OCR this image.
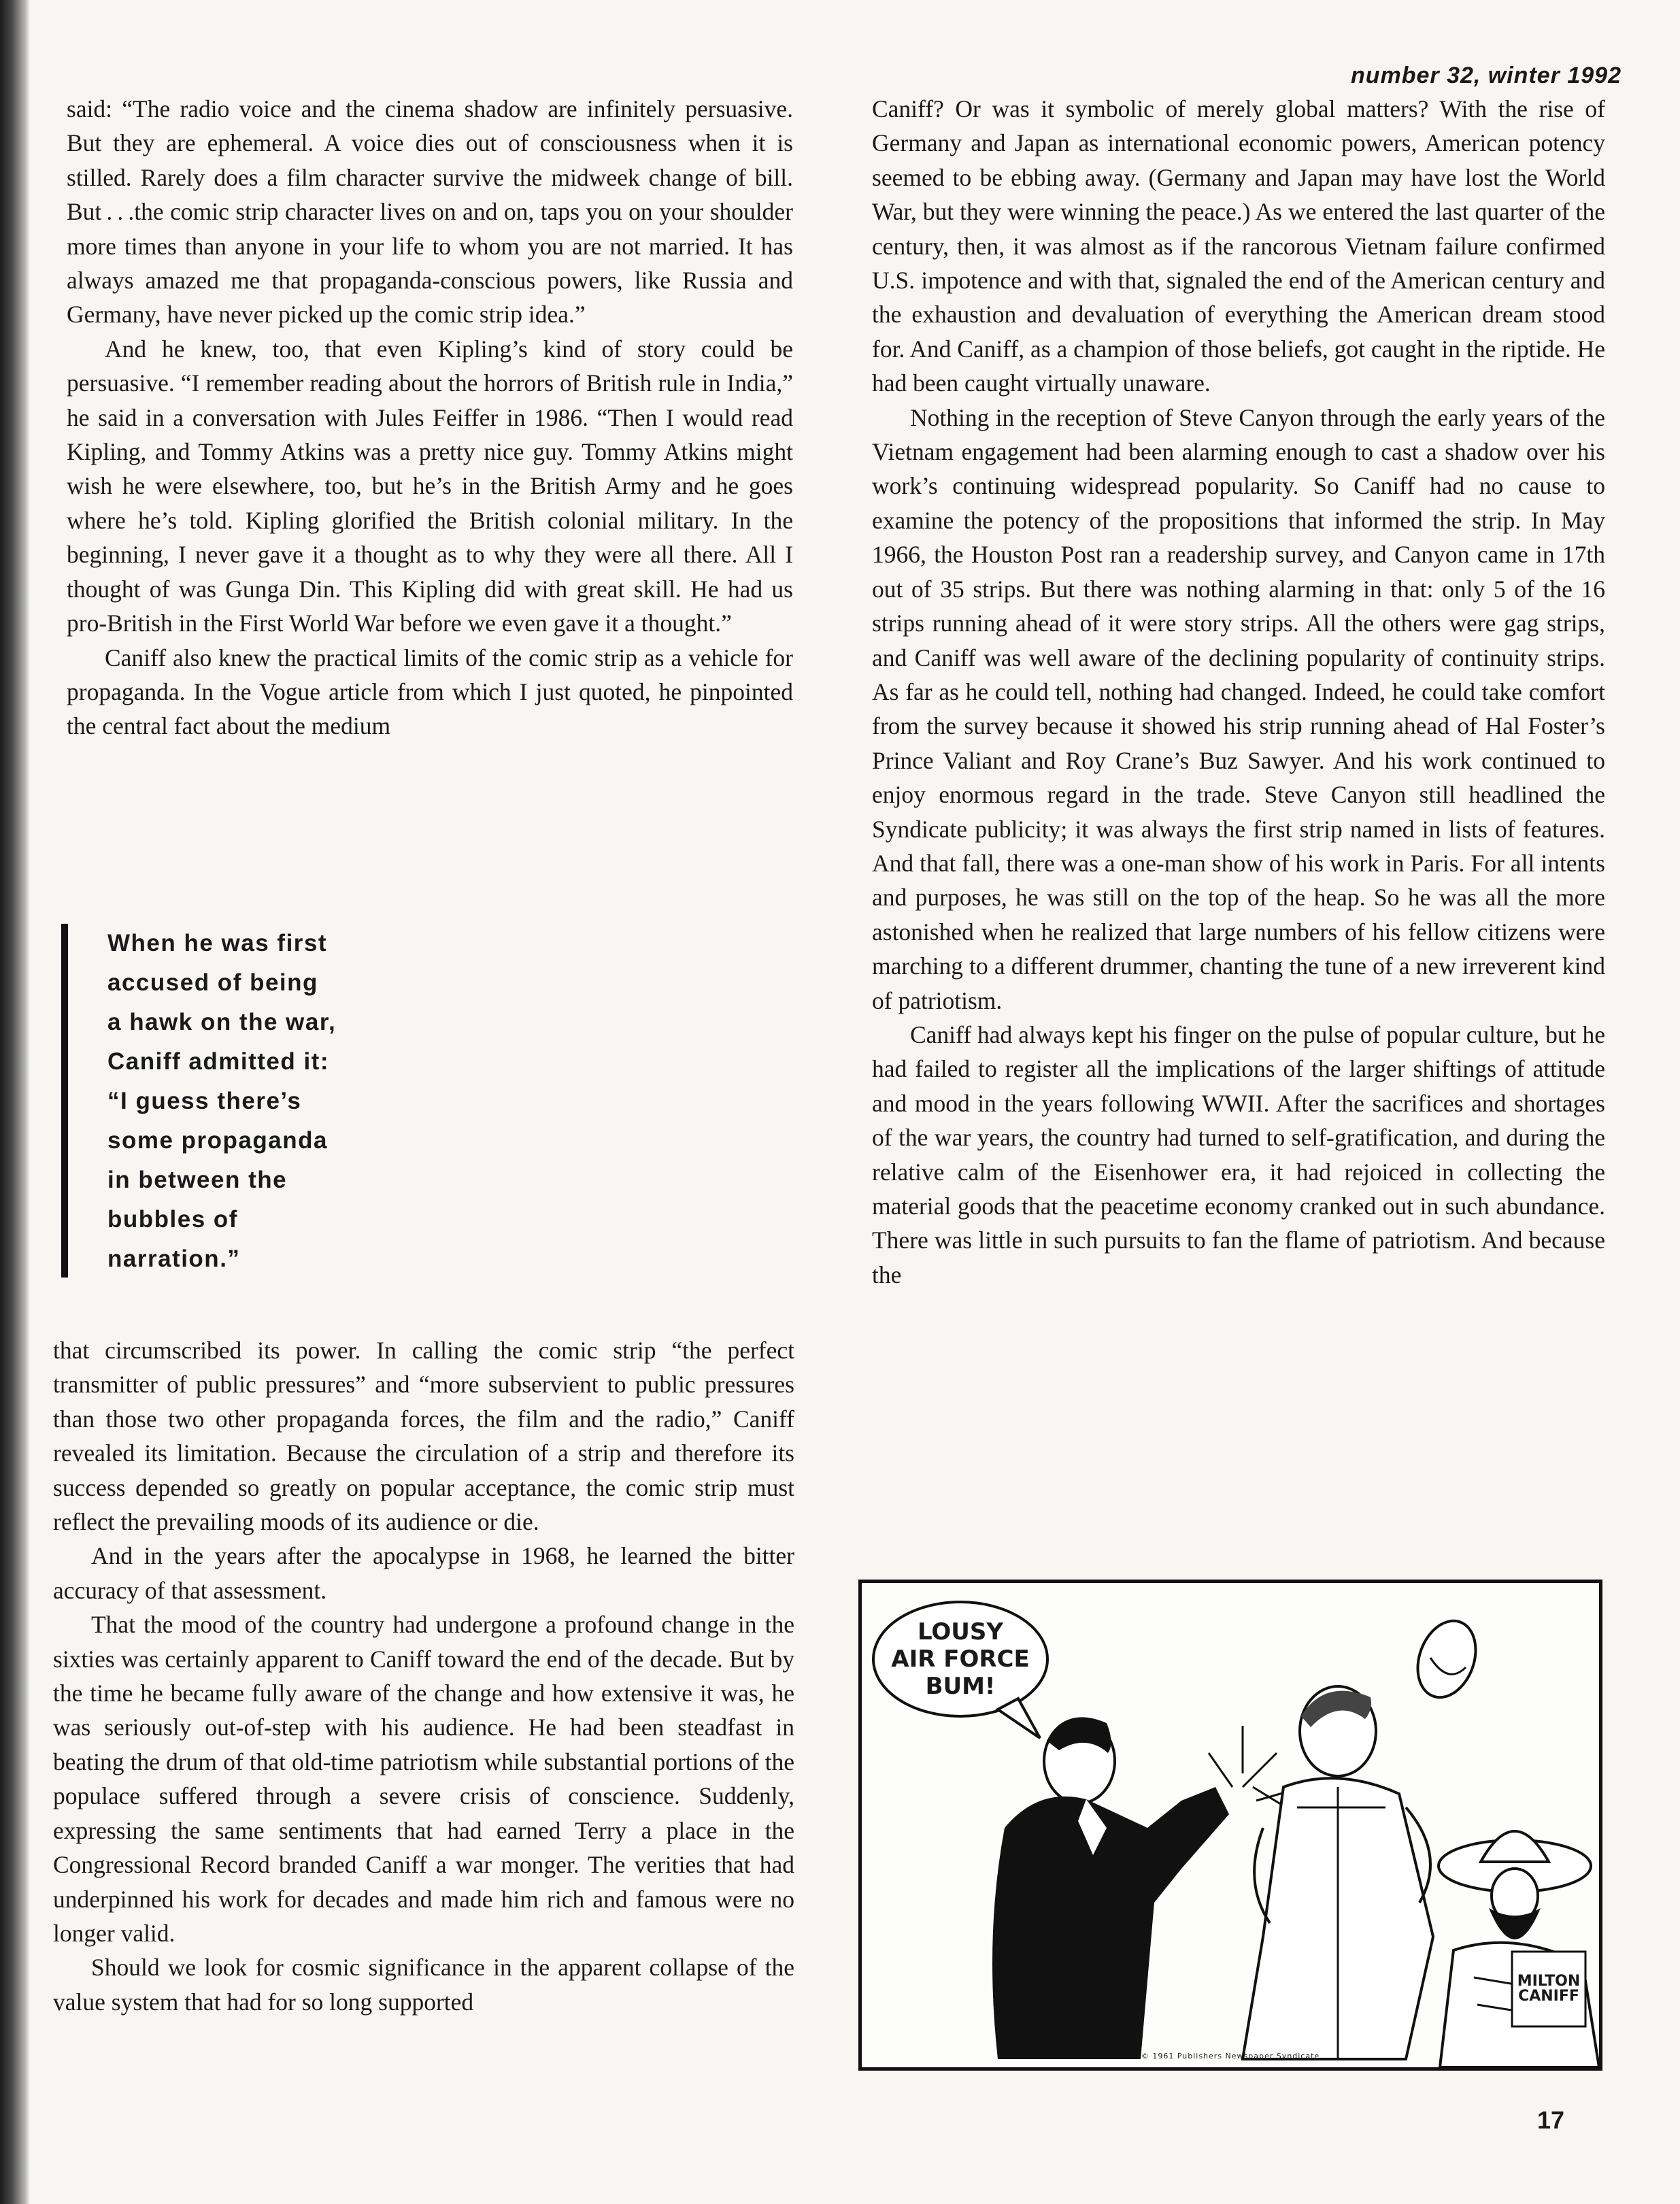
number 32, winter 1992

said: “The radio voice and the cinema shadow are infinitely persuasive. But they are ephemeral. A voice dies out of consciousness when it is stilled. Rarely does a film character survive the midweek change of bill. But . . .the comic strip character lives on and on, taps you on your shoulder more times than anyone in your life to whom you are not married. It has always amazed me that propaganda-conscious powers, like Russia and Germany, have never picked up the comic strip idea.”

And he knew, too, that even Kipling’s kind of story could be persuasive. “I remember reading about the horrors of British rule in India,” he said in a conversation with Jules Feiffer in 1986. “Then I would read Kipling, and Tommy Atkins was a pretty nice guy. Tommy Atkins might wish he were elsewhere, too, but he’s in the British Army and he goes where he’s told. Kipling glorified the British colonial military. In the beginning, I never gave it a thought as to why they were all there. All I thought of was Gunga Din. This Kipling did with great skill. He had us pro-British in the First World War before we even gave it a thought.”

Caniff also knew the practical limits of the comic strip as a vehicle for propaganda. In the Vogue article from which I just quoted, he pinpointed the central fact about the medium

When he was first
accused of being
a hawk on the war,
Caniff admitted it:
“I guess there’s
some propaganda
in between the
bubbles of
narration.”

that circumscribed its power. In calling the comic strip “the perfect transmitter of public pressures” and “more subservient to public pressures than those two other propaganda forces, the film and the radio,” Caniff revealed its limitation. Because the circulation of a strip and therefore its success depended so greatly on popular acceptance, the comic strip must reflect the prevailing moods of its audience or die.

And in the years after the apocalypse in 1968, he learned the bitter accuracy of that assessment.

That the mood of the country had undergone a profound change in the sixties was certainly apparent to Caniff toward the end of the decade. But by the time he became fully aware of the change and how extensive it was, he was seriously out-of-step with his audience. He had been steadfast in beating the drum of that old-time patriotism while substantial portions of the populace suffered through a severe crisis of conscience. Suddenly, expressing the same sentiments that had earned Terry a place in the Congressional Record branded Caniff a war monger. The verities that had underpinned his work for decades and made him rich and famous were no longer valid.

Should we look for cosmic significance in the apparent collapse of the value system that had for so long supported

Caniff? Or was it symbolic of merely global matters? With the rise of Germany and Japan as international economic powers, American potency seemed to be ebbing away. (Germany and Japan may have lost the World War, but they were winning the peace.) As we entered the last quarter of the century, then, it was almost as if the rancorous Vietnam failure confirmed U.S. impotence and with that, signaled the end of the American century and the exhaustion and devaluation of everything the American dream stood for. And Caniff, as a champion of those beliefs, got caught in the riptide. He had been caught virtually unaware.

Nothing in the reception of Steve Canyon through the early years of the Vietnam engagement had been alarming enough to cast a shadow over his work’s continuing widespread popularity. So Caniff had no cause to examine the potency of the propositions that informed the strip. In May 1966, the Houston Post ran a readership survey, and Canyon came in 17th out of 35 strips. But there was nothing alarming in that: only 5 of the 16 strips running ahead of it were story strips. All the others were gag strips, and Caniff was well aware of the declining popularity of continuity strips. As far as he could tell, nothing had changed. Indeed, he could take comfort from the survey because it showed his strip running ahead of Hal Foster’s Prince Valiant and Roy Crane’s Buz Sawyer. And his work continued to enjoy enormous regard in the trade. Steve Canyon still headlined the Syndicate publicity; it was always the first strip named in lists of features. And that fall, there was a one-man show of his work in Paris. For all intents and purposes, he was still on the top of the heap. So he was all the more astonished when he realized that large numbers of his fellow citizens were marching to a different drummer, chanting the tune of a new irreverent kind of patriotism.

Caniff had always kept his finger on the pulse of popular culture, but he had failed to register all the implications of the larger shiftings of attitude and mood in the years following WWII. After the sacrifices and shortages of the war years, the country had turned to self-gratification, and during the relative calm of the Eisenhower era, it had rejoiced in collecting the material goods that the peacetime economy cranked out in such abundance. There was little in such pursuits to fan the flame of patriotism. And because the

LOUSY
AIR FORCE
BUM!
MILTON
CANIFF
© 1961 Publishers Newspaper Syndicate
17
